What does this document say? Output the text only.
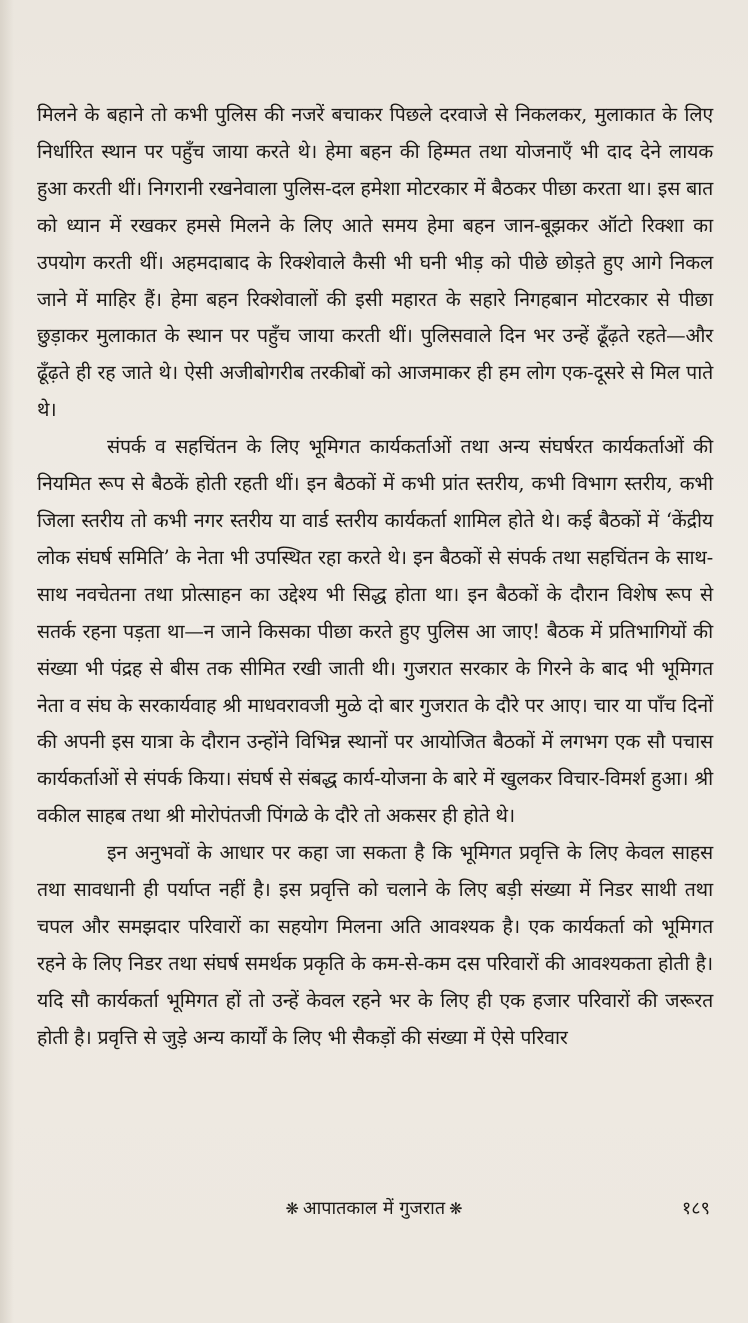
मिलने के बहाने तो कभी पुलिस की नजरें बचाकर पिछले दरवाजे से निकलकर, मुलाकात के लिए निर्धारित स्थान पर पहुँच जाया करते थे। हेमा बहन की हिम्मत तथा योजनाएँ भी दाद देने लायक हुआ करती थीं। निगरानी रखनेवाला पुलिस-दल हमेशा मोटरकार में बैठकर पीछा करता था। इस बात को ध्यान में रखकर हमसे मिलने के लिए आते समय हेमा बहन जान-बूझकर ऑटो रिक्शा का उपयोग करती थीं। अहमदाबाद के रिक्शेवाले कैसी भी घनी भीड़ को पीछे छोड़ते हुए आगे निकल जाने में माहिर हैं। हेमा बहन रिक्शेवालों की इसी महारत के सहारे निगहबान मोटरकार से पीछा छुड़ाकर मुलाकात के स्थान पर पहुँच जाया करती थीं। पुलिसवाले दिन भर उन्हें ढूँढ़ते रहते—और ढूँढ़ते ही रह जाते थे। ऐसी अजीबोगरीब तरकीबों को आजमाकर ही हम लोग एक-दूसरे से मिल पाते थे।

संपर्क व सहचिंतन के लिए भूमिगत कार्यकर्ताओं तथा अन्य संघर्षरत कार्यकर्ताओं की नियमित रूप से बैठकें होती रहती थीं। इन बैठकों में कभी प्रांत स्तरीय, कभी विभाग स्तरीय, कभी जिला स्तरीय तो कभी नगर स्तरीय या वार्ड स्तरीय कार्यकर्ता शामिल होते थे। कई बैठकों में ‘केंद्रीय लोक संघर्ष समिति’ के नेता भी उपस्थित रहा करते थे। इन बैठकों से संपर्क तथा सहचिंतन के साथ-साथ नवचेतना तथा प्रोत्साहन का उद्देश्य भी सिद्ध होता था। इन बैठकों के दौरान विशेष रूप से सतर्क रहना पड़ता था—न जाने किसका पीछा करते हुए पुलिस आ जाए! बैठक में प्रतिभागियों की संख्या भी पंद्रह से बीस तक सीमित रखी जाती थी। गुजरात सरकार के गिरने के बाद भी भूमिगत नेता व संघ के सरकार्यवाह श्री माधवरावजी मुळे दो बार गुजरात के दौरे पर आए। चार या पाँच दिनों की अपनी इस यात्रा के दौरान उन्होंने विभिन्न स्थानों पर आयोजित बैठकों में लगभग एक सौ पचास कार्यकर्ताओं से संपर्क किया। संघर्ष से संबद्ध कार्य-योजना के बारे में खुलकर विचार-विमर्श हुआ। श्री वकील साहब तथा श्री मोरोपंतजी पिंगळे के दौरे तो अकसर ही होते थे।

इन अनुभवों के आधार पर कहा जा सकता है कि भूमिगत प्रवृत्ति के लिए केवल साहस तथा सावधानी ही पर्याप्त नहीं है। इस प्रवृत्ति को चलाने के लिए बड़ी संख्या में निडर साथी तथा चपल और समझदार परिवारों का सहयोग मिलना अति आवश्यक है। एक कार्यकर्ता को भूमिगत रहने के लिए निडर तथा संघर्ष समर्थक प्रकृति के कम-से-कम दस परिवारों की आवश्यकता होती है। यदि सौ कार्यकर्ता भूमिगत हों तो उन्हें केवल रहने भर के लिए ही एक हजार परिवारों की जरूरत होती है। प्रवृत्ति से जुड़े अन्य कार्यों के लिए भी सैकड़ों की संख्या में ऐसे परिवार

❋ आपातकाल में गुजरात ❋	१८९
